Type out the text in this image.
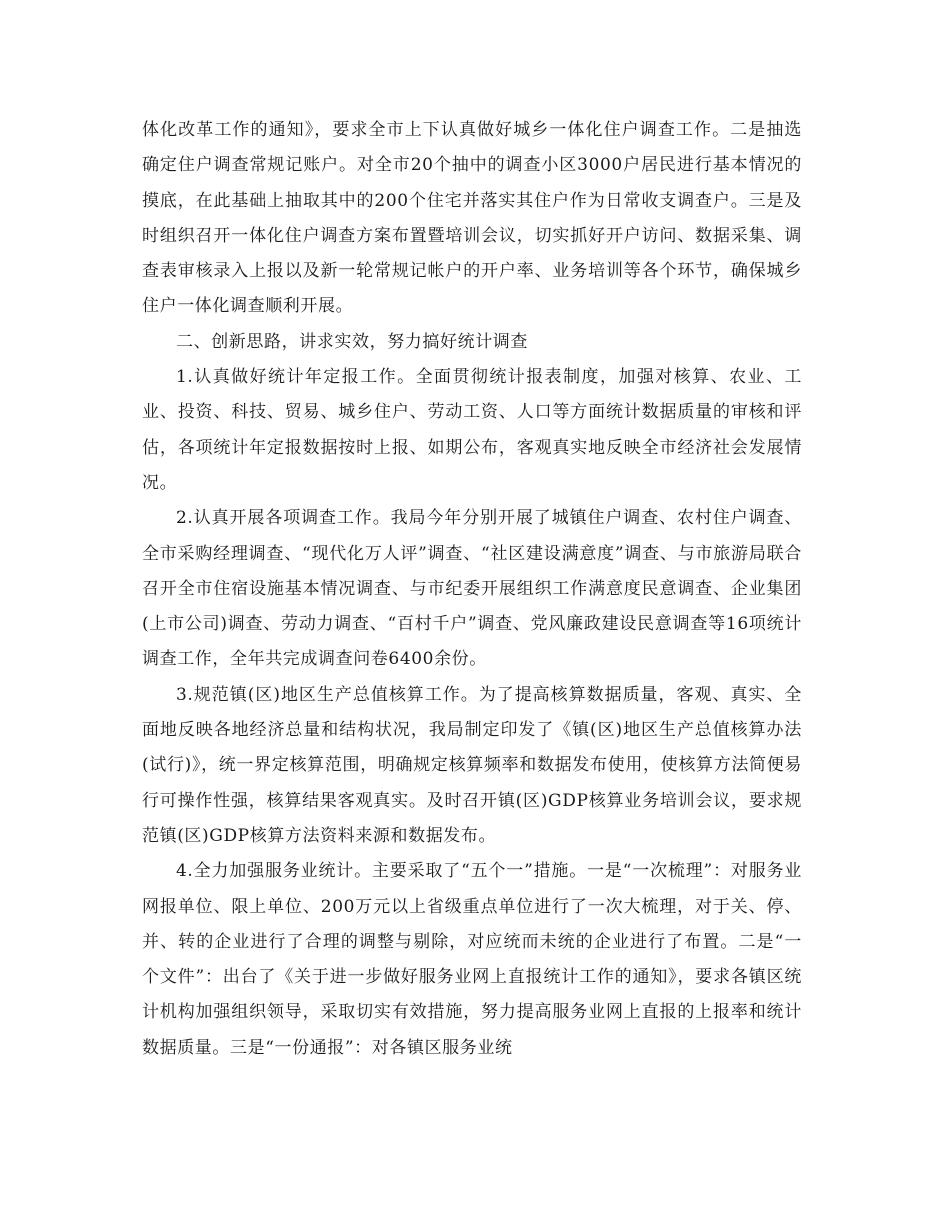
体化改革工作的通知》，要求全市上下认真做好城乡一体化住户调查工作。二是抽选确定住户调查常规记账户。对全市20个抽中的调查小区3000户居民进行基本情况的摸底，在此基础上抽取其中的200个住宅并落实其住户作为日常收支调查户。三是及时组织召开一体化住户调查方案布置暨培训会议，切实抓好开户访问、数据采集、调查表审核录入上报以及新一轮常规记帐户的开户率、业务培训等各个环节，确保城乡住户一体化调查顺利开展。

二、创新思路，讲求实效，努力搞好统计调查

1.认真做好统计年定报工作。全面贯彻统计报表制度，加强对核算、农业、工业、投资、科技、贸易、城乡住户、劳动工资、人口等方面统计数据质量的审核和评估，各项统计年定报数据按时上报、如期公布，客观真实地反映全市经济社会发展情况。

2.认真开展各项调查工作。我局今年分别开展了城镇住户调查、农村住户调查、全市采购经理调查、“现代化万人评”调查、“社区建设满意度”调查、与市旅游局联合召开全市住宿设施基本情况调查、与市纪委开展组织工作满意度民意调查、企业集团(上市公司)调查、劳动力调查、“百村千户”调查、党风廉政建设民意调查等16项统计调查工作，全年共完成调查问卷6400余份。

3.规范镇(区)地区生产总值核算工作。为了提高核算数据质量，客观、真实、全面地反映各地经济总量和结构状况，我局制定印发了《镇(区)地区生产总值核算办法(试行)》，统一界定核算范围，明确规定核算频率和数据发布使用，使核算方法简便易行可操作性强，核算结果客观真实。及时召开镇(区)GDP核算业务培训会议，要求规范镇(区)GDP核算方法资料来源和数据发布。

4.全力加强服务业统计。主要采取了“五个一”措施。一是“一次梳理”：对服务业网报单位、限上单位、200万元以上省级重点单位进行了一次大梳理，对于关、停、并、转的企业进行了合理的调整与剔除，对应统而未统的企业进行了布置。二是“一个文件”：出台了《关于进一步做好服务业网上直报统计工作的通知》，要求各镇区统计机构加强组织领导，采取切实有效措施，努力提高服务业网上直报的上报率和统计数据质量。三是“一份通报”：对各镇区服务业统
